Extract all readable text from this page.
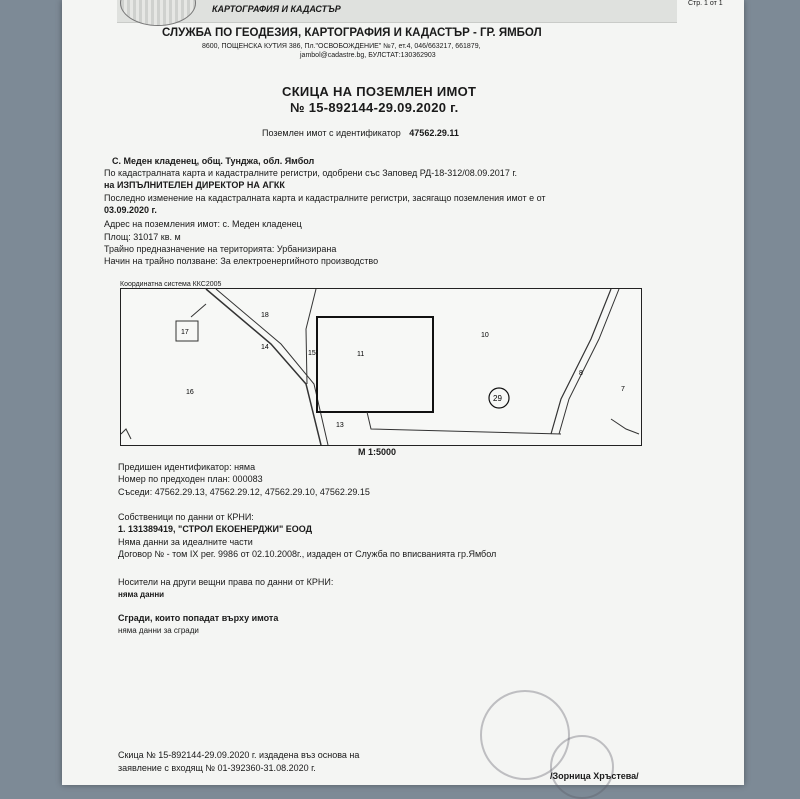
КАРТОГРАФИЯ И КАДАСТЪР
Стр. 1 от 1
СЛУЖБА ПО ГЕОДЕЗИЯ, КАРТОГРАФИЯ И КАДАСТЪР - ГР. ЯМБОЛ
8600, ПОЩЕНСКА КУТИЯ 386, Пл."ОСВОБОЖДЕНИЕ" №7, ет.4, 046/663217, 661879,
jambol@cadastre.bg, БУЛСТАТ:130362903
СКИЦА НА ПОЗЕМЛЕН ИМОТ
№ 15-892144-29.09.2020 г.
Поземлен имот с идентификатор 47562.29.11
С. Меден кладенец, общ. Тунджа, обл. Ямбол
По кадастралната карта и кадастралните регистри, одобрени със Заповед РД-18-312/08.09.2017 г.
на ИЗПЪЛНИТЕЛЕН ДИРЕКТОР НА АГКК
Последно изменение на кадастралната карта и кадастралните регистри, засягащо поземления имот е от
03.09.2020 г.
Адрес на поземления имот: с. Меден кладенец
Площ: 31017 кв. м
Трайно предназначение на територията: Урбанизирана
Начин на трайно ползване: За електроенергийното производство
Координатна система ККС2005
18
17
14
16
15	11
13
10
29
8
7
М 1:5000
Предишен идентификатор: няма
Номер по предходен план: 000083
Съседи: 47562.29.13, 47562.29.12, 47562.29.10, 47562.29.15
Собственици по данни от КРНИ:
1. 131389419, "СТРОЛ ЕКОЕНЕРДЖИ" ЕООД
Няма данни за идеалните части
Договор № - том IX рег. 9986 от 02.10.2008г., издаден от Служба по вписванията гр.Ямбол
Носители на други вещни права по данни от КРНИ:
няма данни
Сгради, които попадат върху имота
няма данни за сгради
Скица № 15-892144-29.09.2020 г. издадена въз основа на
заявление с входящ № 01-392360-31.08.2020 г.
/Зорница Хръстева/
